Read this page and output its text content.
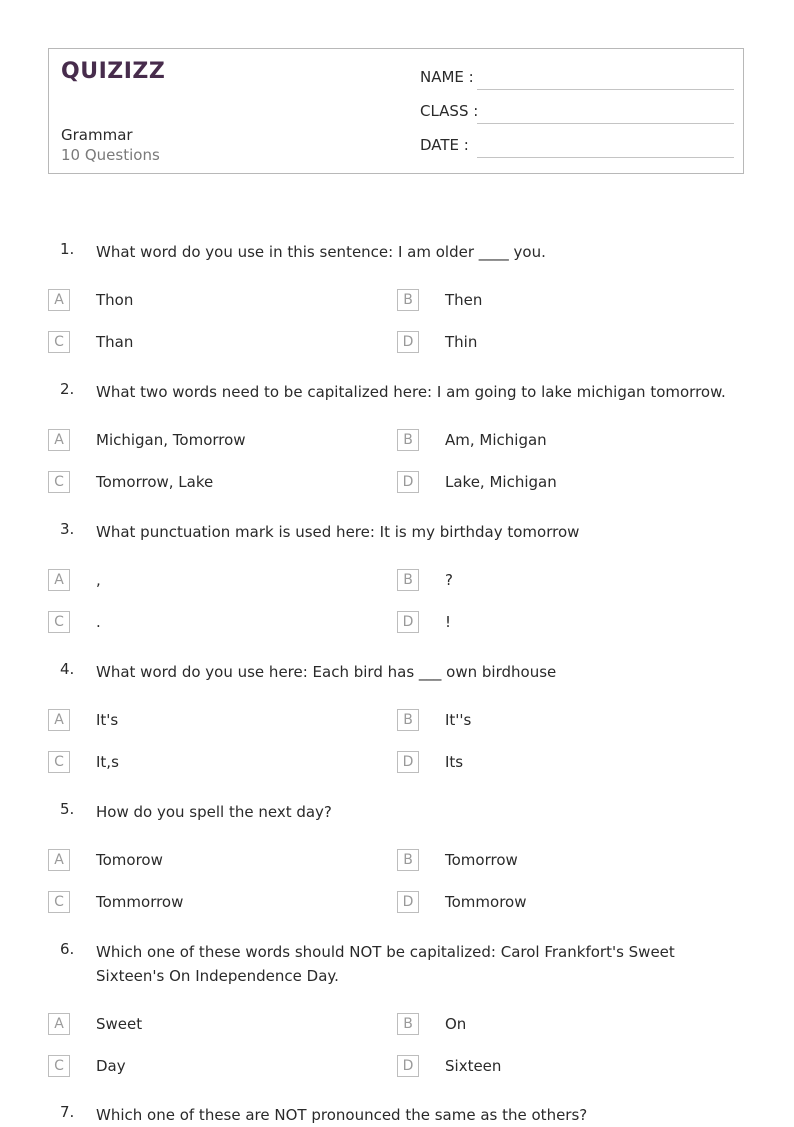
QUIZIZZ
Grammar
10 Questions
NAME :
CLASS :
DATE :
1. What word do you use in this sentence: I am older ____ you.
A	Thon	B	Then
C	Than	D	Thin
2. What two words need to be capitalized here: I am going to lake michigan tomorrow.
A	Michigan, Tomorrow	B	Am, Michigan
C	Tomorrow, Lake	D	Lake, Michigan
3. What punctuation mark is used here: It is my birthday tomorrow
A	,	B	?
C	.	D	!
4. What word do you use here: Each bird has ___ own birdhouse
A	It's	B	It''s
C	It,s	D	Its
5. How do you spell the next day?
A	Tomorow	B	Tomorrow
C	Tommorrow	D	Tommorow
6. Which one of these words should NOT be capitalized: Carol Frankfort's Sweet Sixteen's On Independence Day.
A	Sweet	B	On
C	Day	D	Sixteen
7. Which one of these are NOT pronounced the same as the others?
